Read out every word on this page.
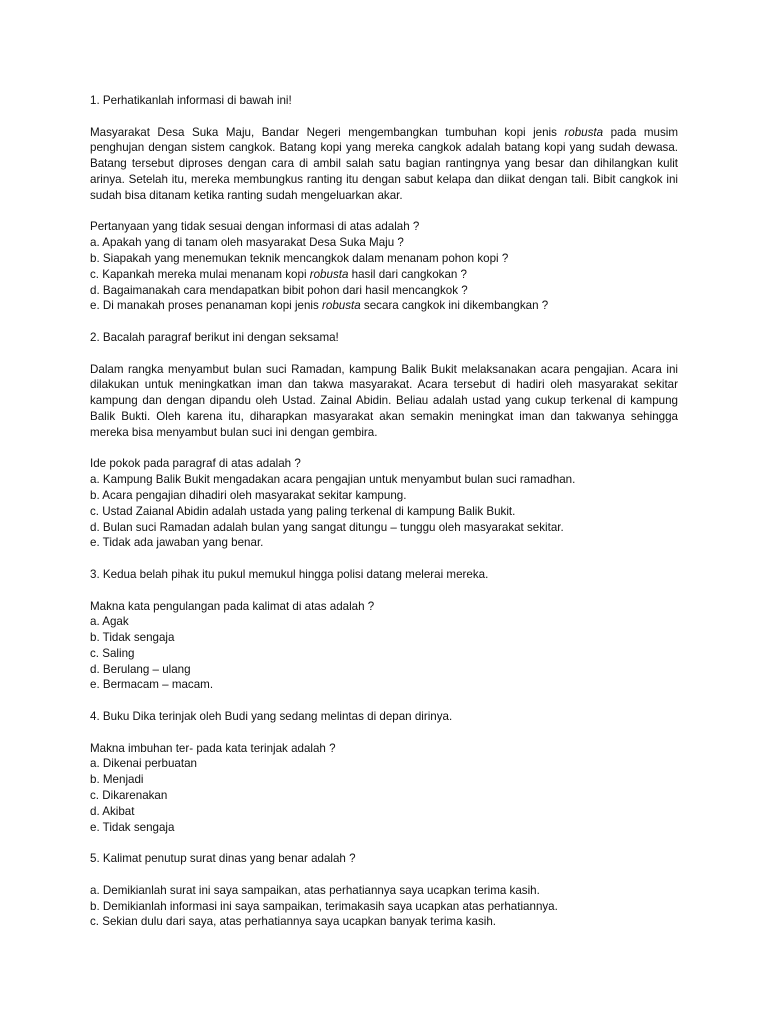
1. Perhatikanlah informasi di bawah ini!
Masyarakat Desa Suka Maju, Bandar Negeri mengembangkan tumbuhan kopi jenis robusta pada musim penghujan dengan sistem cangkok. Batang kopi yang mereka cangkok adalah batang kopi yang sudah dewasa. Batang tersebut diproses dengan cara di ambil salah satu bagian rantingnya yang besar dan dihilangkan kulit arinya. Setelah itu, mereka membungkus ranting itu dengan sabut kelapa dan diikat dengan tali. Bibit cangkok ini sudah bisa ditanam ketika ranting sudah mengeluarkan akar.
Pertanyaan yang tidak sesuai dengan informasi di atas adalah ?
a. Apakah yang di tanam oleh masyarakat Desa Suka Maju ?
b. Siapakah yang menemukan teknik mencangkok dalam menanam pohon kopi ?
c. Kapankah mereka mulai menanam kopi robusta hasil dari cangkokan ?
d. Bagaimanakah cara mendapatkan bibit pohon dari hasil mencangkok ?
e. Di manakah proses penanaman kopi jenis robusta secara cangkok ini dikembangkan ?
2. Bacalah paragraf berikut ini dengan seksama!
Dalam rangka menyambut bulan suci Ramadan, kampung Balik Bukit melaksanakan acara pengajian. Acara ini dilakukan untuk meningkatkan iman dan takwa masyarakat. Acara tersebut di hadiri oleh masyarakat sekitar kampung dan dengan dipandu oleh Ustad. Zainal Abidin. Beliau adalah ustad yang cukup terkenal di kampung Balik Bukti. Oleh karena itu, diharapkan masyarakat akan semakin meningkat iman dan takwanya sehingga mereka bisa menyambut bulan suci ini dengan gembira.
Ide pokok pada paragraf di atas adalah ?
a. Kampung Balik Bukit mengadakan acara pengajian untuk menyambut bulan suci ramadhan.
b. Acara pengajian dihadiri oleh masyarakat sekitar kampung.
c. Ustad Zaianal Abidin adalah ustada yang paling terkenal di kampung Balik Bukit.
d. Bulan suci Ramadan adalah bulan yang sangat ditungu – tunggu oleh masyarakat sekitar.
e. Tidak ada jawaban yang benar.
3. Kedua belah pihak itu pukul memukul hingga polisi datang melerai mereka.
Makna kata pengulangan pada kalimat di atas adalah ?
a. Agak
b. Tidak sengaja
c. Saling
d. Berulang – ulang
e. Bermacam – macam.
4. Buku Dika terinjak oleh Budi yang sedang melintas di depan dirinya.
Makna imbuhan ter- pada kata terinjak adalah ?
a. Dikenai perbuatan
b. Menjadi
c. Dikarenakan
d. Akibat
e. Tidak sengaja
5. Kalimat penutup surat dinas yang benar adalah ?
a. Demikianlah surat ini saya sampaikan, atas perhatiannya saya ucapkan terima kasih.
b. Demikianlah informasi ini saya sampaikan, terimakasih saya ucapkan atas perhatiannya.
c. Sekian dulu dari saya, atas perhatiannya saya ucapkan banyak terima kasih.
